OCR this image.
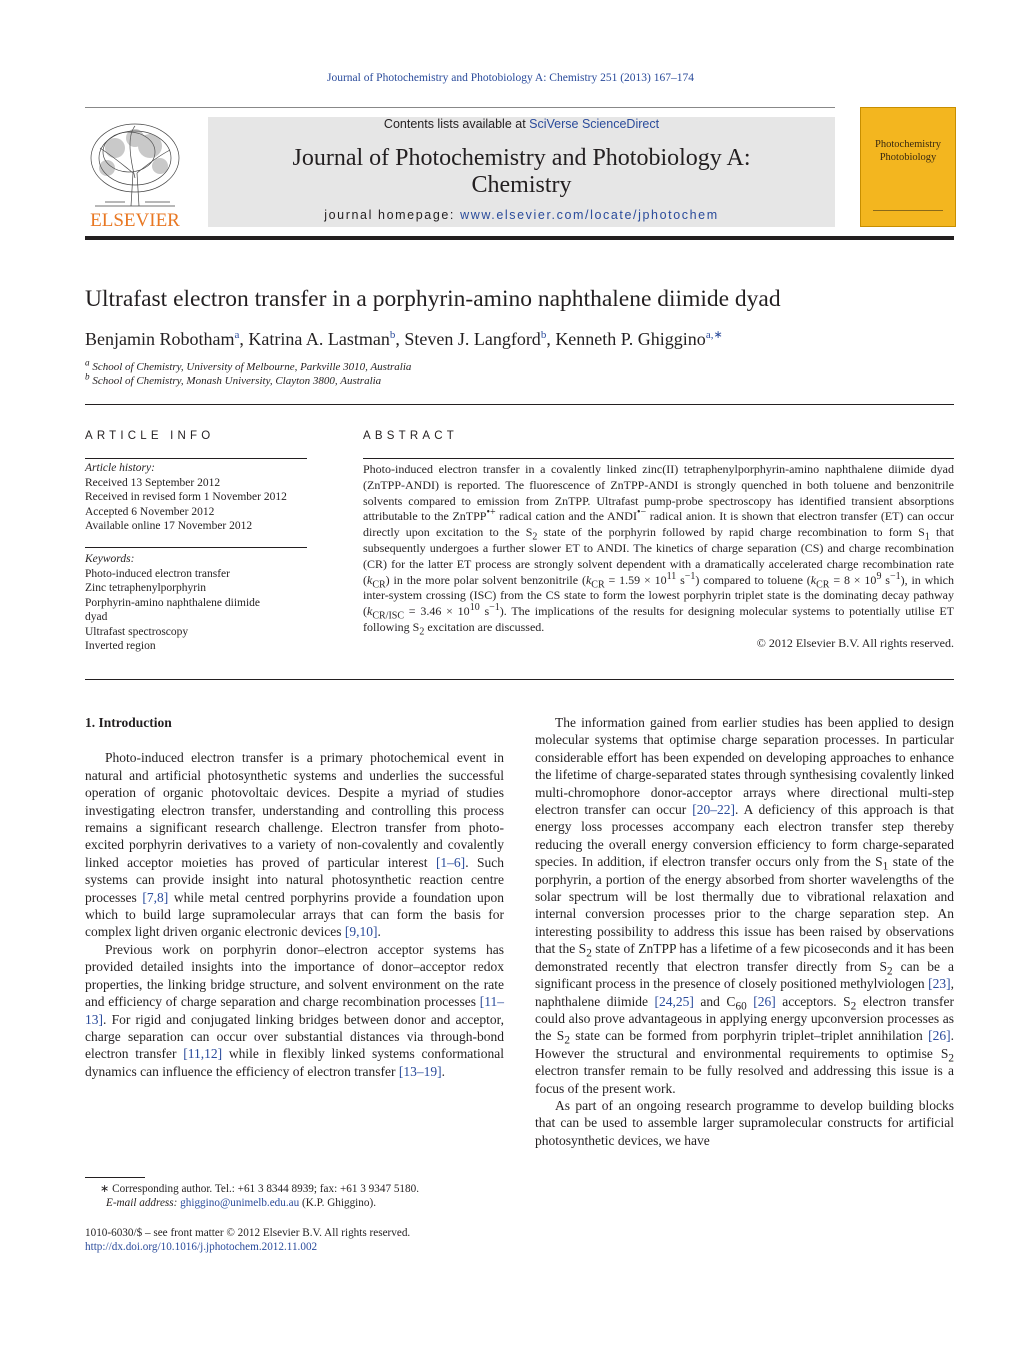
Journal of Photochemistry and Photobiology A: Chemistry 251 (2013) 167–174
ELSEVIER
Contents lists available at SciVerse ScienceDirect
Journal of Photochemistry and Photobiology A:
Chemistry
journal homepage: www.elsevier.com/locate/jphotochem
Photochemistry
Photobiology
Ultrafast electron transfer in a porphyrin-amino naphthalene diimide dyad
Benjamin Robotham$^a$, Katrina A. Lastman$^b$, Steven J. Langford$^b$, Kenneth P. Ghiggino$^{a,∗}$
$^a$ School of Chemistry, University of Melbourne, Parkville 3010, Australia
$^b$ School of Chemistry, Monash University, Clayton 3800, Australia
ARTICLE INFO
Article history:
Received 13 September 2012
Received in revised form 1 November 2012
Accepted 6 November 2012
Available online 17 November 2012
Keywords:
Photo-induced electron transfer
Zinc tetraphenylporphyrin
Porphyrin-amino naphthalene diimide
dyad
Ultrafast spectroscopy
Inverted region
ABSTRACT
Photo-induced electron transfer in a covalently linked zinc(II) tetraphenylporphyrin-amino naphthalene diimide dyad (ZnTPP-ANDI) is reported. The fluorescence of ZnTPP-ANDI is strongly quenched in both toluene and benzonitrile solvents compared to emission from ZnTPP. Ultrafast pump-probe spectroscopy has identified transient absorptions attributable to the ZnTPP•+ radical cation and the ANDI•− radical anion. It is shown that electron transfer (ET) can occur directly upon excitation to the $S_2$ state of the porphyrin followed by rapid charge recombination to form $S_1$ that subsequently undergoes a further slower ET to ANDI. The kinetics of charge separation (CS) and charge recombination (CR) for the latter ET process are strongly solvent dependent with a dramatically accelerated charge recombination rate $(k_{CR})$ in the more polar solvent benzonitrile ($k_{CR} = 1.59 \times 10^{11}$ $s^{-1}$) compared to toluene ($k_{CR} = 8 \times 10^9$ $s^{-1}$), in which inter-system crossing (ISC) from the CS state to form the lowest porphyrin triplet state is the dominating decay pathway ($k_{CR/ISC} = 3.46 \times 10^{10}$ $s^{-1}$). The implications of the results for designing molecular systems to potentially utilise ET following $S_2$ excitation are discussed.
© 2012 Elsevier B.V. All rights reserved.
1. Introduction

Photo-induced electron transfer is a primary photochemical event in natural and artificial photosynthetic systems and underlies the successful operation of organic photovoltaic devices. Despite a myriad of studies investigating electron transfer, understanding and controlling this process remains a significant research challenge. Electron transfer from photo-excited porphyrin derivatives to a variety of non-covalently and covalently linked acceptor moieties has proved of particular interest [1–6]. Such systems can provide insight into natural photosynthetic reaction centre processes [7,8] while metal centred porphyrins provide a foundation upon which to build large supramolecular arrays that can form the basis for complex light driven organic electronic devices [9,10].

Previous work on porphyrin donor–electron acceptor systems has provided detailed insights into the importance of donor–acceptor redox properties, the linking bridge structure, and solvent environment on the rate and efficiency of charge separation and charge recombination processes [11–13]. For rigid and conjugated linking bridges between donor and acceptor, charge separation can occur over substantial distances via through-bond electron transfer [11,12] while in flexibly linked systems conformational dynamics can influence the efficiency of electron transfer [13–19].

The information gained from earlier studies has been applied to design molecular systems that optimise charge separation processes. In particular considerable effort has been expended on developing approaches to enhance the lifetime of charge-separated states through synthesising covalently linked multi-chromophore donor-acceptor arrays where directional multi-step electron transfer can occur [20–22]. A deficiency of this approach is that energy loss processes accompany each electron transfer step thereby reducing the overall energy conversion efficiency to form charge-separated species. In addition, if electron transfer occurs only from the $S_1$ state of the porphyrin, a portion of the energy absorbed from shorter wavelengths of the solar spectrum will be lost thermally due to vibrational relaxation and internal conversion processes prior to the charge separation step. An interesting possibility to address this issue has been raised by observations that the $S_2$ state of ZnTPP has a lifetime of a few picoseconds and it has been demonstrated recently that electron transfer directly from $S_2$ can be a significant process in the presence of closely positioned methylviologen [23], naphthalene diimide [24,25] and $C_{60}$ [26] acceptors. $S_2$ electron transfer could also prove advantageous in applying energy upconversion processes as the $S_2$ state can be formed from porphyrin triplet–triplet annihilation [26]. However the structural and environmental requirements to optimise $S_2$ electron transfer remain to be fully resolved and addressing this issue is a focus of the present work.

As part of an ongoing research programme to develop building blocks that can be used to assemble larger supramolecular constructs for artificial photosynthetic devices, we have

∗ Corresponding author. Tel.: +61 3 8344 8939; fax: +61 3 9347 5180.
E-mail address: ghiggino@unimelb.edu.au (K.P. Ghiggino).
1010-6030/$ – see front matter © 2012 Elsevier B.V. All rights reserved.
http://dx.doi.org/10.1016/j.jphotochem.2012.11.002
